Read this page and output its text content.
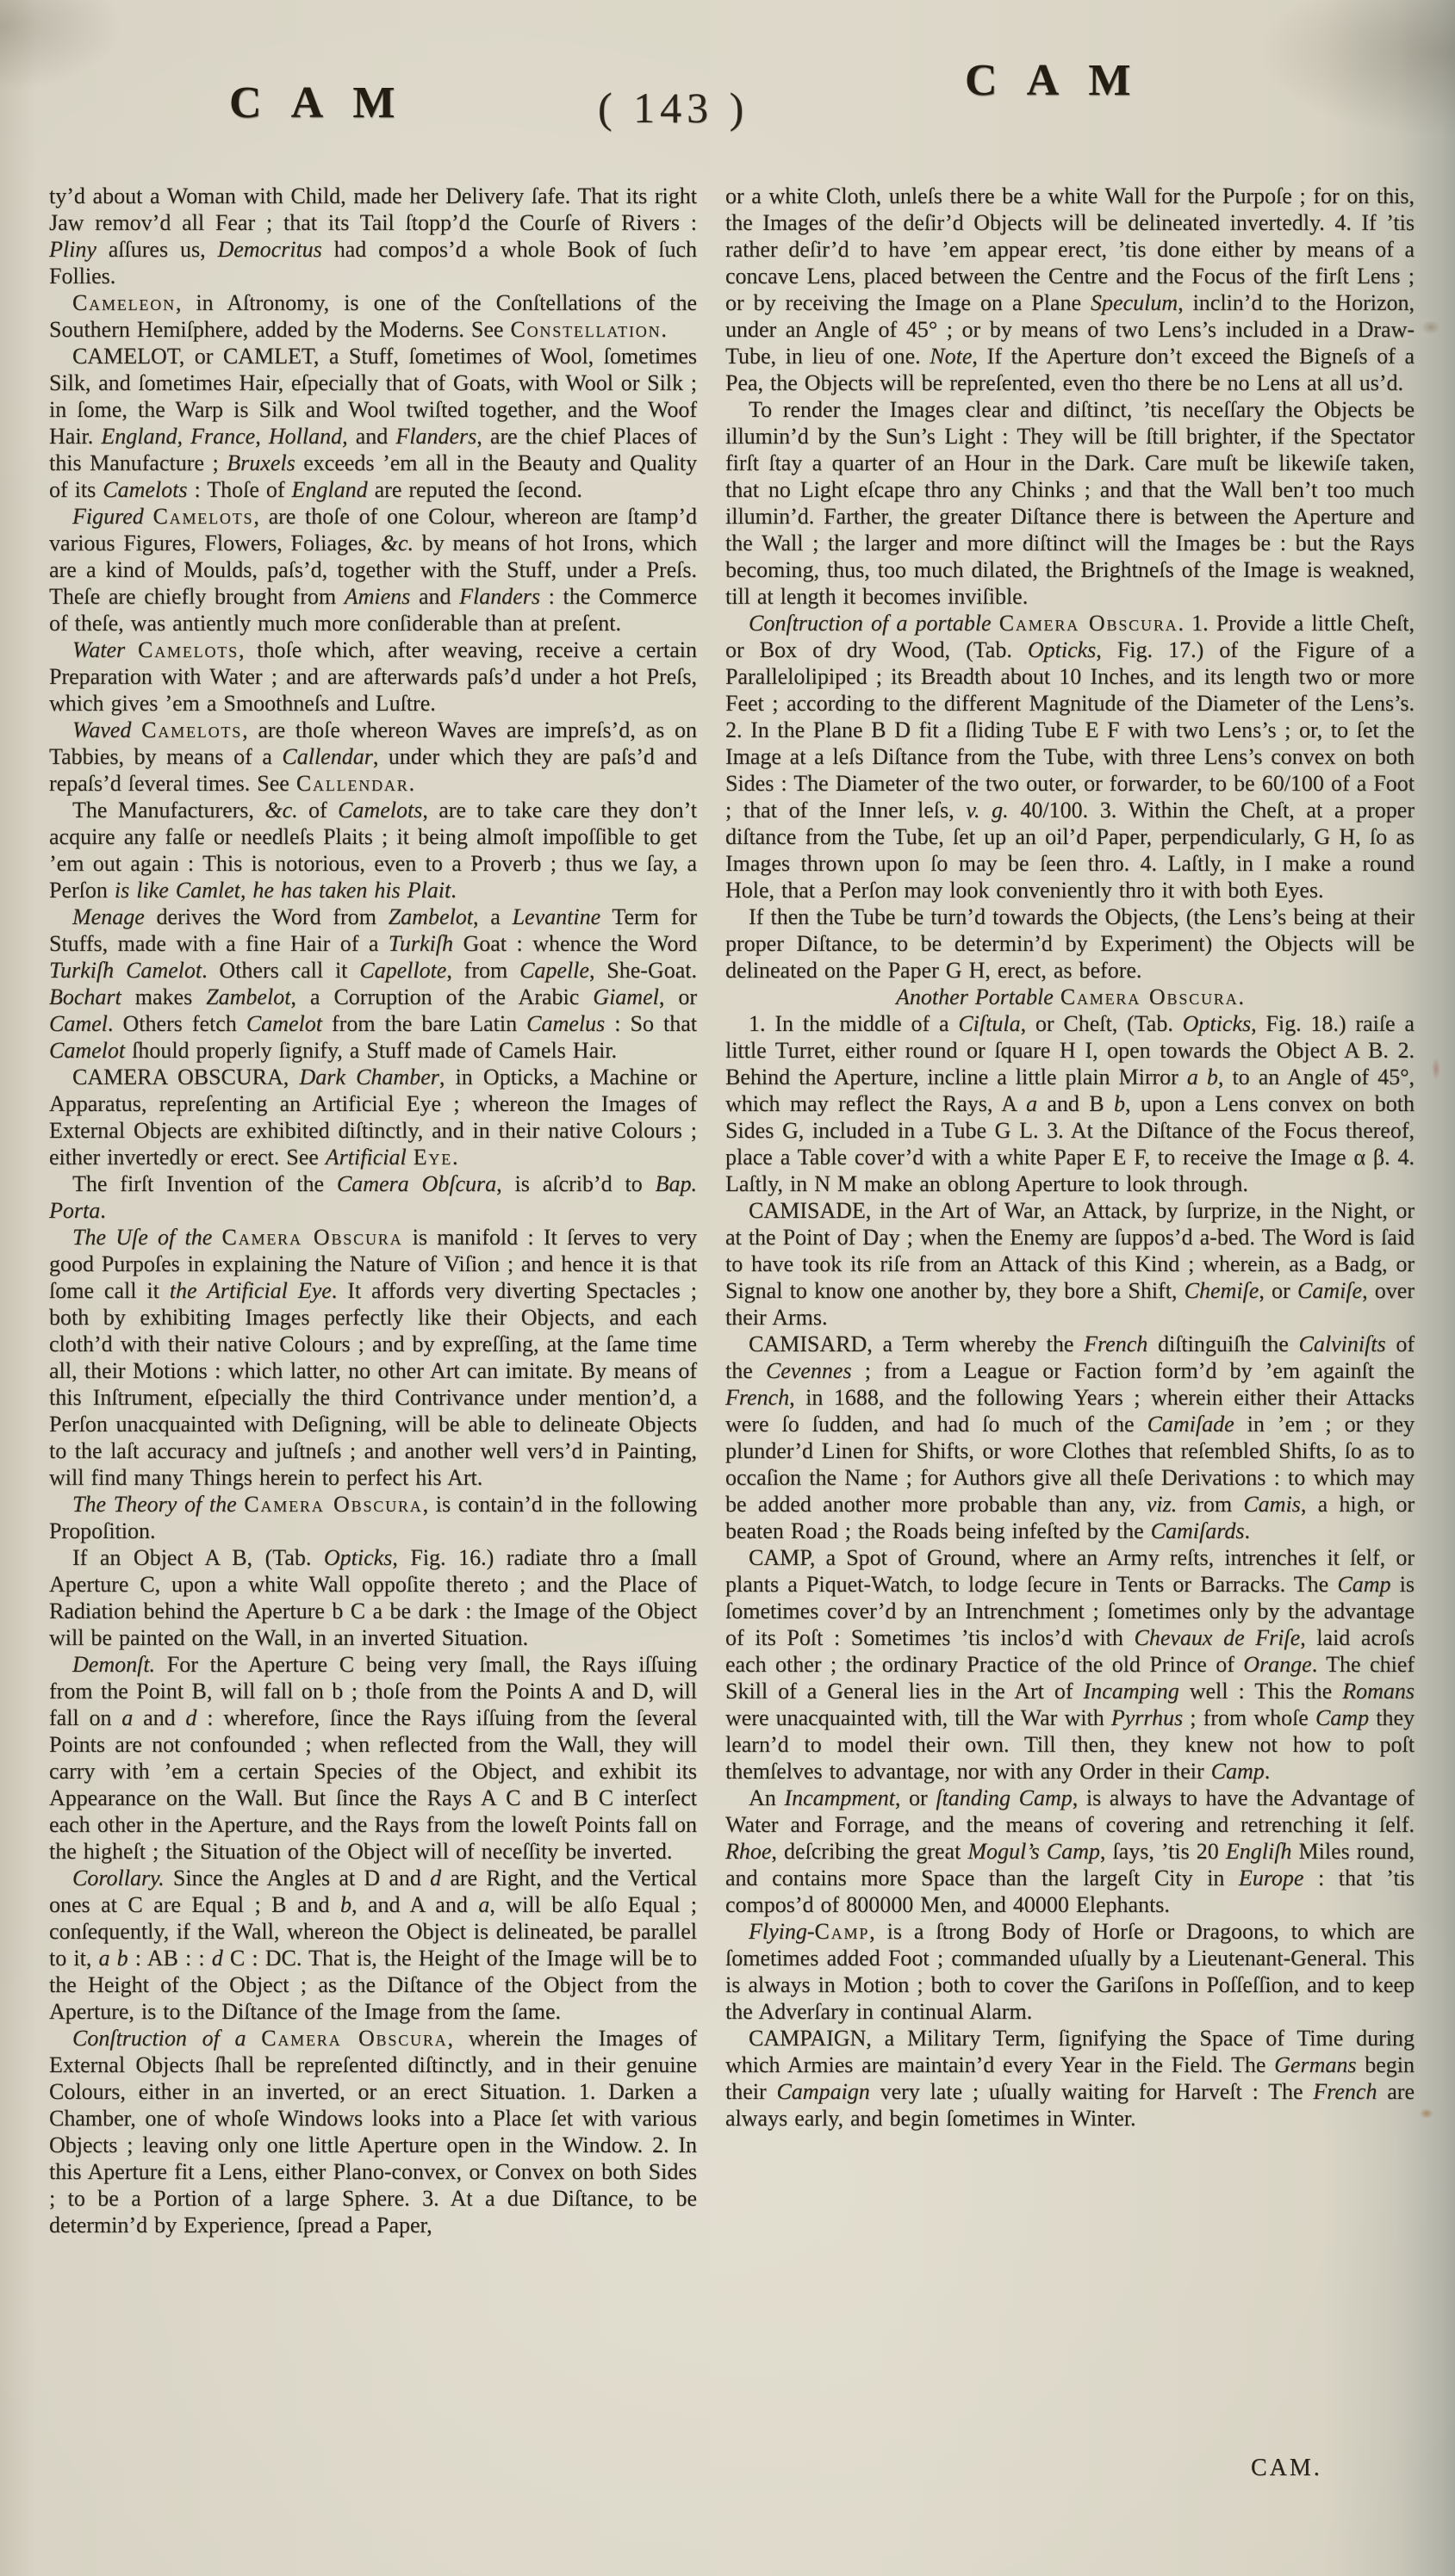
C A M	( 143 )
C A M

ty’d about a Woman with Child, made her Delivery ſafe. That its right Jaw remov’d all Fear ; that its Tail ſtopp’d the Courſe of Rivers : Pliny aſſures us, Democritus had compos’d a whole Book of ſuch Follies.

Cameleon, in Aſtronomy, is one of the Conſtellations of the Southern Hemiſphere, added by the Moderns. See Constellation.

CAMELOT, or CAMLET, a Stuff, ſometimes of Wool, ſometimes Silk, and ſometimes Hair, eſpecially that of Goats, with Wool or Silk ; in ſome, the Warp is Silk and Wool twiſted together, and the Woof Hair. England, France, Holland, and Flanders, are the chief Places of this Manufacture ; Bruxels exceeds ’em all in the Beauty and Quality of its Camelots : Thoſe of England are reputed the ſecond.

Figured Camelots, are thoſe of one Colour, whereon are ſtamp’d various Figures, Flowers, Foliages, &c. by means of hot Irons, which are a kind of Moulds, paſs’d, together with the Stuff, under a Preſs. Theſe are chiefly brought from Amiens and Flanders : the Commerce of theſe, was antiently much more conſiderable than at preſent.

Water Camelots, thoſe which, after weaving, receive a certain Preparation with Water ; and are afterwards paſs’d under a hot Preſs, which gives ’em a Smoothneſs and Luſtre.

Waved Camelots, are thoſe whereon Waves are impreſs’d, as on Tabbies, by means of a Callendar, under which they are paſs’d and repaſs’d ſeveral times. See Callendar.

The Manufacturers, &c. of Camelots, are to take care they don’t acquire any falſe or needleſs Plaits ; it being almoſt impoſſible to get ’em out again : This is notorious, even to a Proverb ; thus we ſay, a Perſon is like Camlet, he has taken his Plait.

Menage derives the Word from Zambelot, a Levantine Term for Stuffs, made with a fine Hair of a Turkiſh Goat : whence the Word Turkiſh Camelot. Others call it Capellote, from Capelle, She-Goat. Bochart makes Zambelot, a Corruption of the Arabic Giamel, or Camel. Others fetch Camelot from the bare Latin Camelus : So that Camelot ſhould properly ſignify, a Stuff made of Camels Hair.

CAMERA OBSCURA, Dark Chamber, in Opticks, a Machine or Apparatus, repreſenting an Artificial Eye ; whereon the Images of External Objects are exhibited diſtinctly, and in their native Colours ; either invertedly or erect. See Artificial Eye.

The firſt Invention of the Camera Obſcura, is aſcrib’d to Bap. Porta.

The Uſe of the Camera Obscura is manifold : It ſerves to very good Purpoſes in explaining the Nature of Viſion ; and hence it is that ſome call it the Artificial Eye. It affords very diverting Spectacles ; both by exhibiting Images perfectly like their Objects, and each cloth’d with their native Colours ; and by expreſſing, at the ſame time all, their Motions : which latter, no other Art can imitate. By means of this Inſtrument, eſpecially the third Contrivance under mention’d, a Perſon unacquainted with Deſigning, will be able to delineate Objects to the laſt accuracy and juſtneſs ; and another well vers’d in Painting, will find many Things herein to perfect his Art.

The Theory of the Camera Obscura, is contain’d in the following Propoſition.

If an Object A B, (Tab. Opticks, Fig. 16.) radiate thro a ſmall Aperture C, upon a white Wall oppoſite thereto ; and the Place of Radiation behind the Aperture b C a be dark : the Image of the Object will be painted on the Wall, in an inverted Situation.

Demonſt. For the Aperture C being very ſmall, the Rays iſſuing from the Point B, will fall on b ; thoſe from the Points A and D, will fall on a and d : wherefore, ſince the Rays iſſuing from the ſeveral Points are not confounded ; when reflected from the Wall, they will carry with ’em a certain Species of the Object, and exhibit its Appearance on the Wall. But ſince the Rays A C and B C interſect each other in the Aperture, and the Rays from the loweſt Points fall on the higheſt ; the Situation of the Object will of neceſſity be inverted.

Corollary. Since the Angles at D and d are Right, and the Vertical ones at C are Equal ; B and b, and A and a, will be alſo Equal ; conſequently, if the Wall, whereon the Object is delineated, be parallel to it, a b : AB : : d C : DC. That is, the Height of the Image will be to the Height of the Object ; as the Diſtance of the Object from the Aperture, is to the Diſtance of the Image from the ſame.

Conſtruction of a Camera Obscura, wherein the Images of External Objects ſhall be repreſented diſtinctly, and in their genuine Colours, either in an inverted, or an erect Situation. 1. Darken a Chamber, one of whoſe Windows looks into a Place ſet with various Objects ; leaving only one little Aperture open in the Window. 2. In this Aperture fit a Lens, either Plano-convex, or Convex on both Sides ; to be a Portion of a large Sphere. 3. At a due Diſtance, to be determin’d by Experience, ſpread a Paper,

or a white Cloth, unleſs there be a white Wall for the Purpoſe ; for on this, the Images of the deſir’d Objects will be delineated invertedly. 4. If ’tis rather deſir’d to have ’em appear erect, ’tis done either by means of a concave Lens, placed between the Centre and the Focus of the firſt Lens ; or by receiving the Image on a Plane Speculum, inclin’d to the Horizon, under an Angle of 45° ; or by means of two Lens’s included in a Draw-Tube, in lieu of one. Note, If the Aperture don’t exceed the Bigneſs of a Pea, the Objects will be repreſented, even tho there be no Lens at all us’d.

To render the Images clear and diſtinct, ’tis neceſſary the Objects be illumin’d by the Sun’s Light : They will be ſtill brighter, if the Spectator firſt ſtay a quarter of an Hour in the Dark. Care muſt be likewiſe taken, that no Light eſcape thro any Chinks ; and that the Wall ben’t too much illumin’d. Farther, the greater Diſtance there is between the Aperture and the Wall ; the larger and more diſtinct will the Images be : but the Rays becoming, thus, too much dilated, the Brightneſs of the Image is weakned, till at length it becomes inviſible.

Conſtruction of a portable Camera Obscura. 1. Provide a little Cheſt, or Box of dry Wood, (Tab. Opticks, Fig. 17.) of the Figure of a Parallelolipiped ; its Breadth about 10 Inches, and its length two or more Feet ; according to the different Magnitude of the Diameter of the Lens’s. 2. In the Plane B D fit a ſliding Tube E F with two Lens’s ; or, to ſet the Image at a leſs Diſtance from the Tube, with three Lens’s convex on both Sides : The Diameter of the two outer, or forwarder, to be 60/100 of a Foot ; that of the Inner leſs, v. g. 40/100. 3. Within the Cheſt, at a proper diſtance from the Tube, ſet up an oil’d Paper, perpendicularly, G H, ſo as Images thrown upon ſo may be ſeen thro. 4. Laſtly, in I make a round Hole, that a Perſon may look conveniently thro it with both Eyes.

If then the Tube be turn’d towards the Objects, (the Lens’s being at their proper Diſtance, to be determin’d by Experiment) the Objects will be delineated on the Paper G H, erect, as before.

Another Portable Camera Obscura.

1. In the middle of a Ciſtula, or Cheſt, (Tab. Opticks, Fig. 18.) raiſe a little Turret, either round or ſquare H I, open towards the Object A B. 2. Behind the Aperture, incline a little plain Mirror a b, to an Angle of 45°, which may reflect the Rays, A a and B b, upon a Lens convex on both Sides G, included in a Tube G L. 3. At the Diſtance of the Focus thereof, place a Table cover’d with a white Paper E F, to receive the Image α β. 4. Laſtly, in N M make an oblong Aperture to look through.

CAMISADE, in the Art of War, an Attack, by ſurprize, in the Night, or at the Point of Day ; when the Enemy are ſuppos’d a-bed. The Word is ſaid to have took its riſe from an Attack of this Kind ; wherein, as a Badg, or Signal to know one another by, they bore a Shift, Chemiſe, or Camiſe, over their Arms.

CAMISARD, a Term whereby the French diſtinguiſh the Calviniſts of the Cevennes ; from a League or Faction form’d by ’em againſt the French, in 1688, and the following Years ; wherein either their Attacks were ſo ſudden, and had ſo much of the Camiſade in ’em ; or they plunder’d Linen for Shifts, or wore Clothes that reſembled Shifts, ſo as to occaſion the Name ; for Authors give all theſe Derivations : to which may be added another more probable than any, viz. from Camis, a high, or beaten Road ; the Roads being infeſted by the Camiſards.

CAMP, a Spot of Ground, where an Army reſts, intrenches it ſelf, or plants a Piquet-Watch, to lodge ſecure in Tents or Barracks. The Camp is ſometimes cover’d by an Intrenchment ; ſometimes only by the advantage of its Poſt : Sometimes ’tis inclos’d with Chevaux de Friſe, laid acroſs each other ; the ordinary Practice of the old Prince of Orange. The chief Skill of a General lies in the Art of Incamping well : This the Romans were unacquainted with, till the War with Pyrrhus ; from whoſe Camp they learn’d to model their own. Till then, they knew not how to poſt themſelves to advantage, nor with any Order in their Camp.

An Incampment, or ſtanding Camp, is always to have the Advantage of Water and Forrage, and the means of covering and retrenching it ſelf. Rhoe, deſcribing the great Mogul’s Camp, ſays, ’tis 20 Engliſh Miles round, and contains more Space than the largeſt City in Europe : that ’tis compos’d of 800000 Men, and 40000 Elephants.

Flying-Camp, is a ſtrong Body of Horſe or Dragoons, to which are ſometimes added Foot ; commanded uſually by a Lieutenant-General. This is always in Motion ; both to cover the Gariſons in Poſſeſſion, and to keep the Adverſary in continual Alarm.

CAMPAIGN, a Military Term, ſignifying the Space of Time during which Armies are maintain’d every Year in the Field. The Germans begin their Campaign very late ; uſually waiting for Harveſt : The French are always early, and begin ſometimes in Winter.

CAM.
